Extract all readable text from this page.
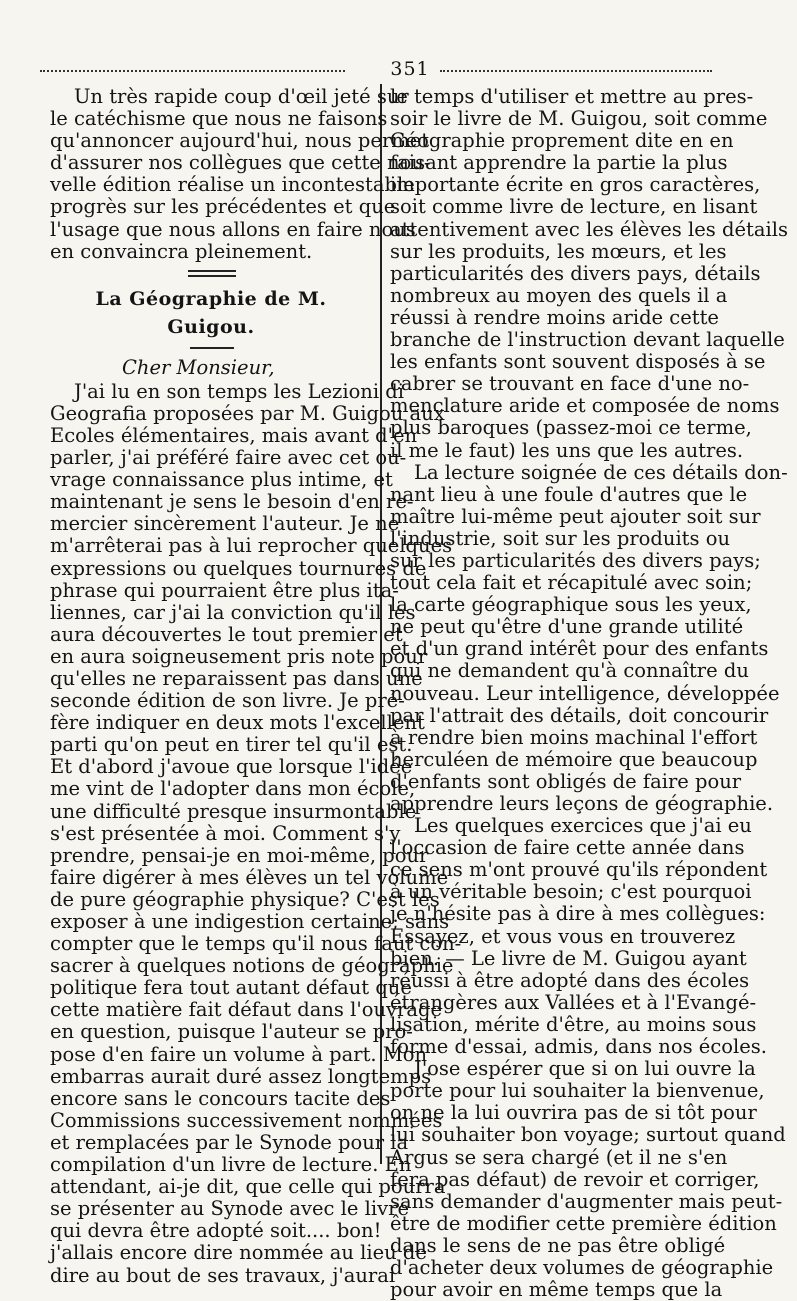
351
Un très rapide coup d'œil jeté sur
le catéchisme que nous ne faisons
qu'annoncer aujourd'hui, nous permet
d'assurer nos collègues que cette nou-
velle édition réalise un incontestable
progrès sur les précédentes et que
l'usage que nous allons en faire nous
en convaincra pleinement.
La Géographie de M. Guigou.
Cher Monsieur,
J'ai lu en son temps les Lezioni di
Geografia proposées par M. Guigou aux
Ecoles élémentaires, mais avant d'en
parler, j'ai préféré faire avec cet ou-
vrage connaissance plus intime, et
maintenant je sens le besoin d'en re-
mercier sincèrement l'auteur. Je ne
m'arrêterai pas à lui reprocher quelques
expressions ou quelques tournures de
phrase qui pourraient être plus ita-
liennes, car j'ai la conviction qu'il les
aura découvertes le tout premier et
en aura soigneusement pris note pour
qu'elles ne reparaissent pas dans une
seconde édition de son livre. Je pré-
fère indiquer en deux mots l'excellent
parti qu'on peut en tirer tel qu'il est.
Et d'abord j'avoue que lorsque l'idée
me vint de l'adopter dans mon école,
une difficulté presque insurmontable
s'est présentée à moi. Comment s'y
prendre, pensai-je en moi-même, pour
faire digérer à mes élèves un tel volume
de pure géographie physique? C'est les
exposer à une indigestion certaine; sans
compter que le temps qu'il nous faut con-
sacrer à quelques notions de géographie
politique fera tout autant défaut que
cette matière fait défaut dans l'ouvrage
en question, puisque l'auteur se pro-
pose d'en faire un volume à part. Mon
embarras aurait duré assez longtemps
encore sans le concours tacite des
Commissions successivement nommées
et remplacées par le Synode pour la
compilation d'un livre de lecture. En
attendant, ai-je dit, que celle qui pourra
se présenter au Synode avec le livre
qui devra être adopté soit.... bon!
j'allais encore dire nommée au lieu de
dire au bout de ses travaux, j'aurai
le temps d'utiliser et mettre au pres-
soir le livre de M. Guigou, soit comme
Géographie proprement dite en en
faisant apprendre la partie la plus
importante écrite en gros caractères,
soit comme livre de lecture, en lisant
attentivement avec les élèves les détails
sur les produits, les mœurs, et les
particularités des divers pays, détails
nombreux au moyen des quels il a
réussi à rendre moins aride cette
branche de l'instruction devant laquelle
les enfants sont souvent disposés à se
cabrer se trouvant en face d'une no-
menclature aride et composée de noms
plus baroques (passez-moi ce terme,
il me le faut) les uns que les autres.
La lecture soignée de ces détails don-
nant lieu à une foule d'autres que le
maître lui-même peut ajouter soit sur
l'industrie, soit sur les produits ou
sur les particularités des divers pays;
tout cela fait et récapitulé avec soin;
la carte géographique sous les yeux,
ne peut qu'être d'une grande utilité
et d'un grand intérêt pour des enfants
qui ne demandent qu'à connaître du
nouveau. Leur intelligence, développée
par l'attrait des détails, doit concourir
à rendre bien moins machinal l'effort
herculéen de mémoire que beaucoup
d'enfants sont obligés de faire pour
apprendre leurs leçons de géographie.
Les quelques exercices que j'ai eu
l'occasion de faire cette année dans
ce sens m'ont prouvé qu'ils répondent
à un véritable besoin; c'est pourquoi
je n'hésite pas à dire à mes collègues:
Essayez, et vous vous en trouverez
bien. — Le livre de M. Guigou ayant
réussi à être adopté dans des écoles
étrangères aux Vallées et à l'Evangé-
lisation, mérite d'être, au moins sous
forme d'essai, admis, dans nos écoles.
J'ose espérer que si on lui ouvre la
porte pour lui souhaiter la bienvenue,
on ne la lui ouvrira pas de si tôt pour
lui souhaiter bon voyage; surtout quand
Argus se sera chargé (et il ne s'en
fera pas défaut) de revoir et corriger,
sans demander d'augmenter mais peut-
être de modifier cette première édition
dans le sens de ne pas être obligé
d'acheter deux volumes de géographie
pour avoir en même temps que la
